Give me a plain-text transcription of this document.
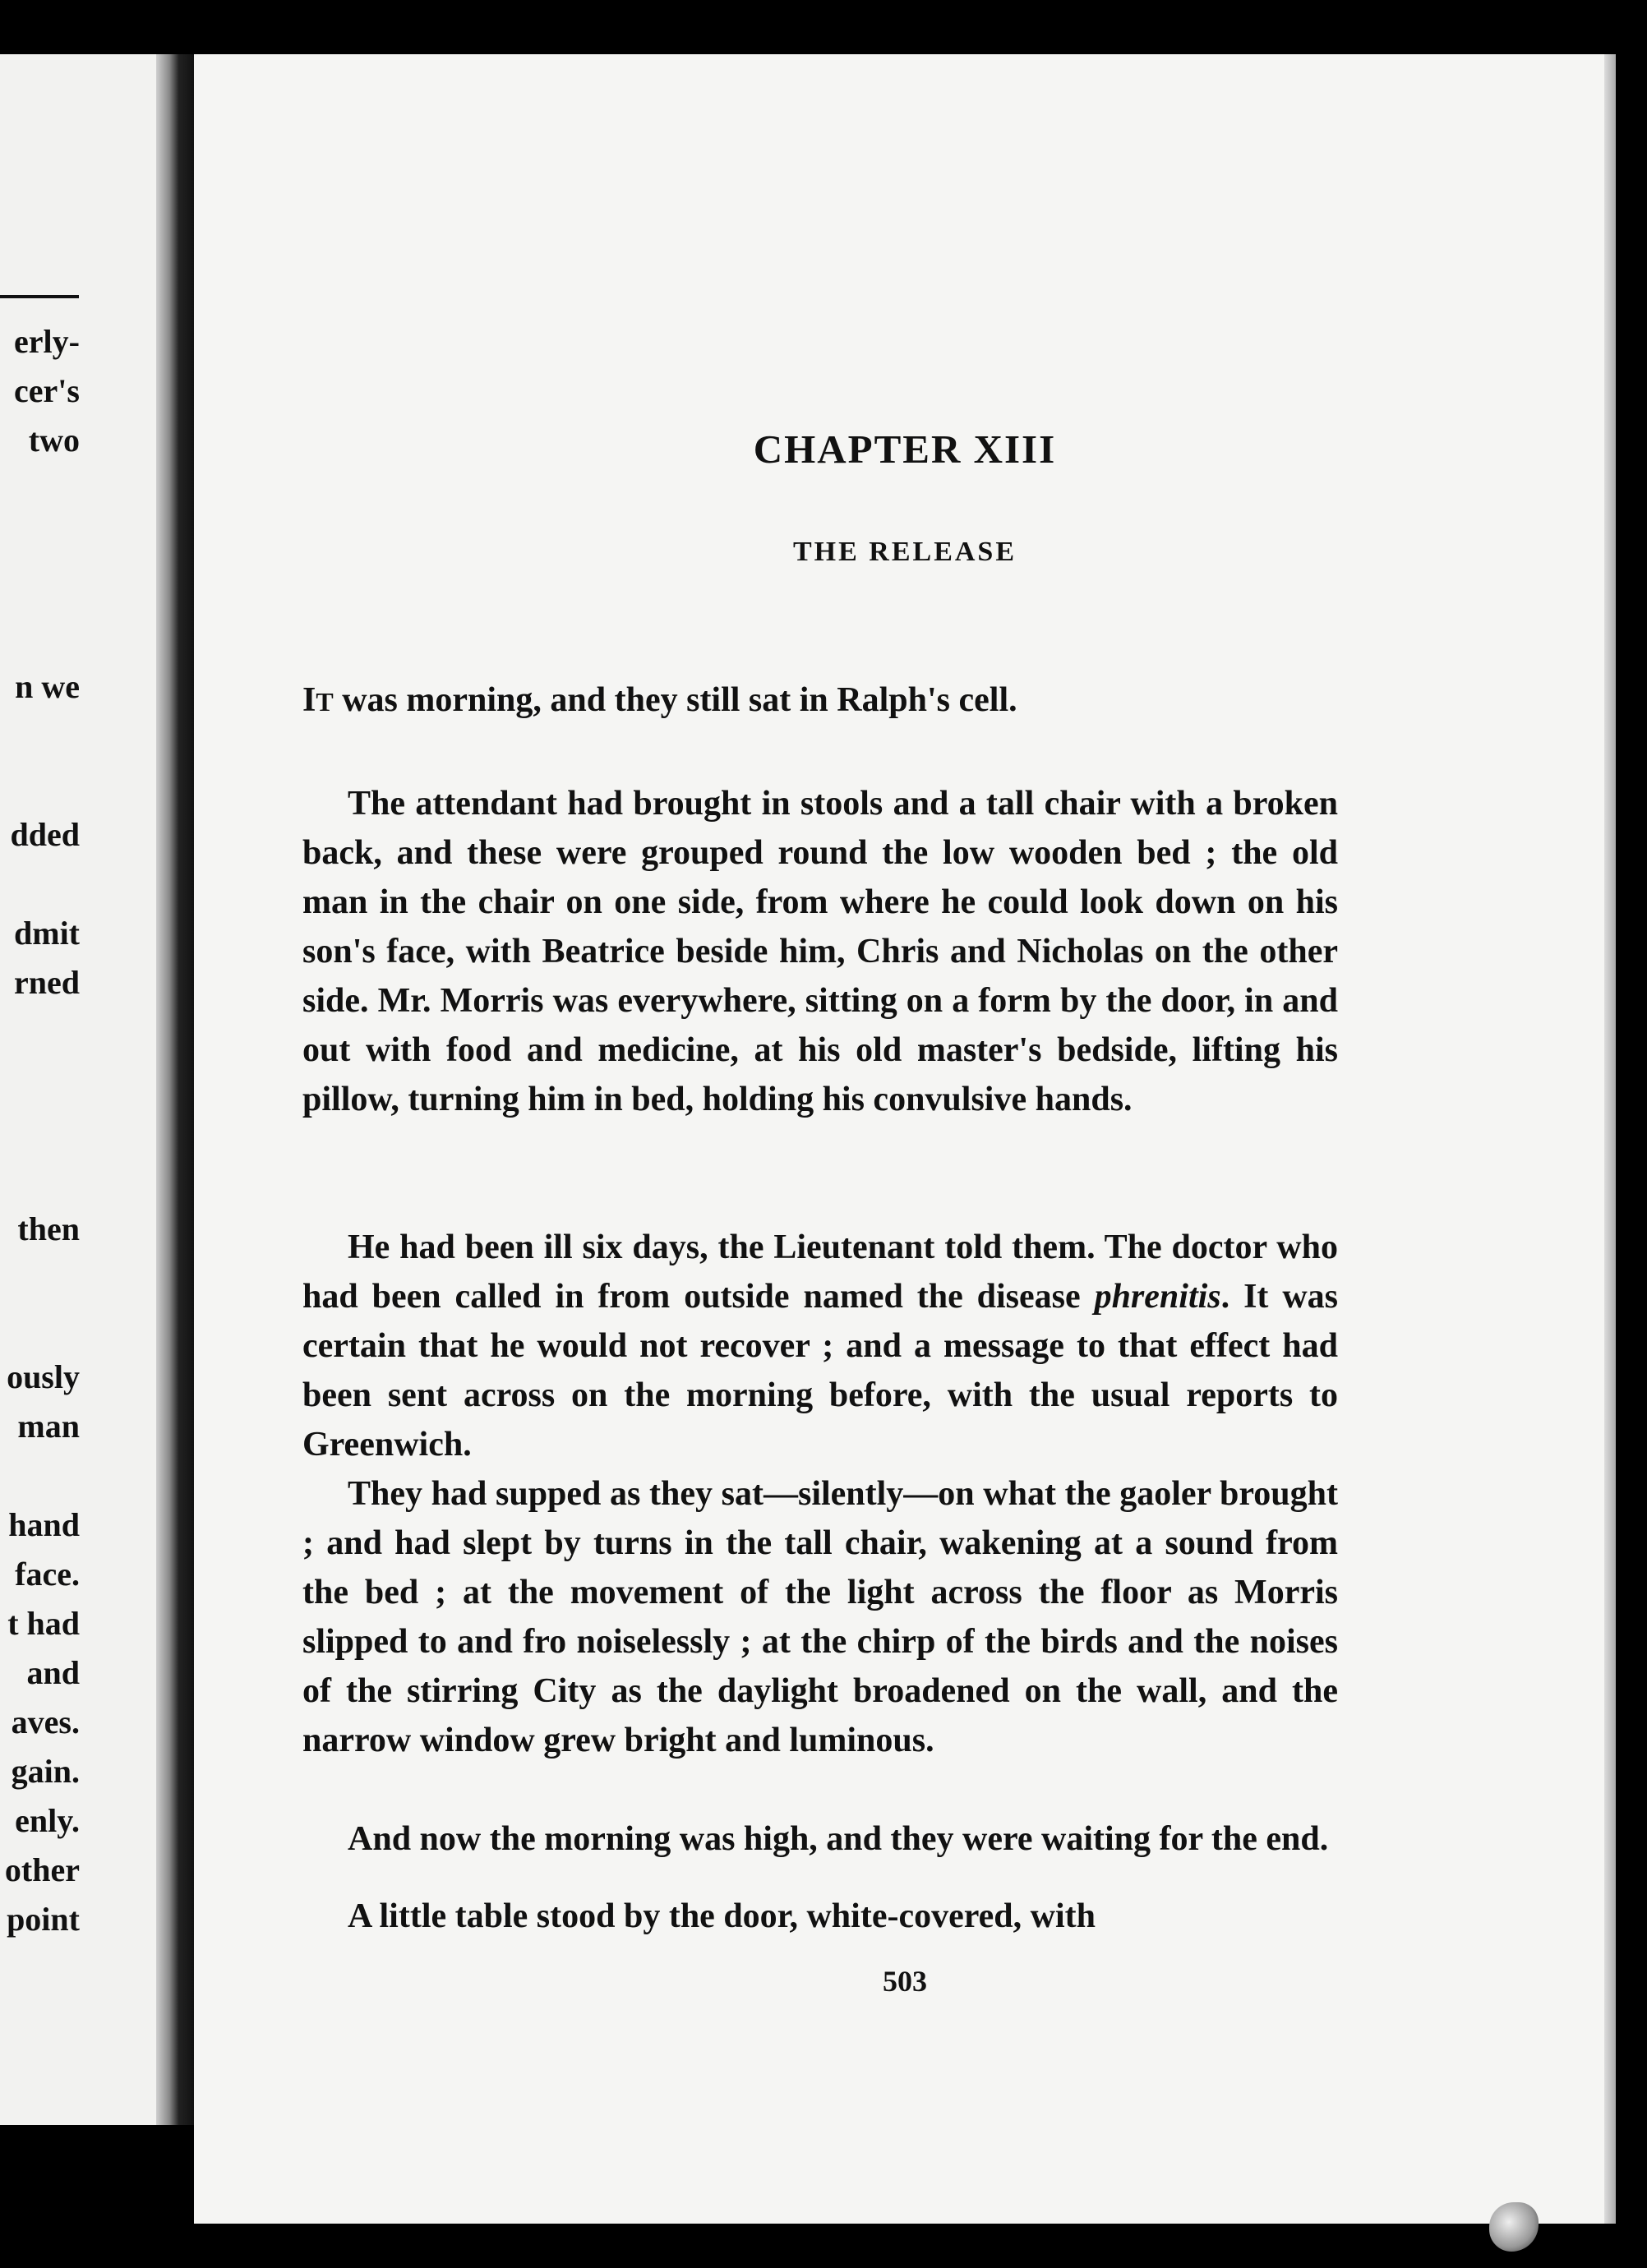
erly-
cer's
two
n we
dded
dmit
rned
then
ously
man
hand
face.
t had
and
aves.
gain.
enly.
other
point
CHAPTER XIII
THE RELEASE
IT was morning, and they still sat in Ralph's cell.

The attendant had brought in stools and a tall chair with a broken back, and these were grouped round the low wooden bed ; the old man in the chair on one side, from where he could look down on his son's face, with Beatrice beside him, Chris and Nicholas on the other side. Mr. Morris was everywhere, sitting on a form by the door, in and out with food and medicine, at his old master's bedside, lifting his pillow, turning him in bed, holding his convulsive hands.

He had been ill six days, the Lieutenant told them. The doctor who had been called in from outside named the disease phrenitis. It was certain that he would not recover ; and a message to that effect had been sent across on the morning before, with the usual reports to Greenwich.

They had supped as they sat—silently—on what the gaoler brought ; and had slept by turns in the tall chair, wakening at a sound from the bed ; at the movement of the light across the floor as Morris slipped to and fro noiselessly ; at the chirp of the birds and the noises of the stirring City as the daylight broadened on the wall, and the narrow window grew bright and luminous.

And now the morning was high, and they were waiting for the end.

A little table stood by the door, white-covered, with

503
